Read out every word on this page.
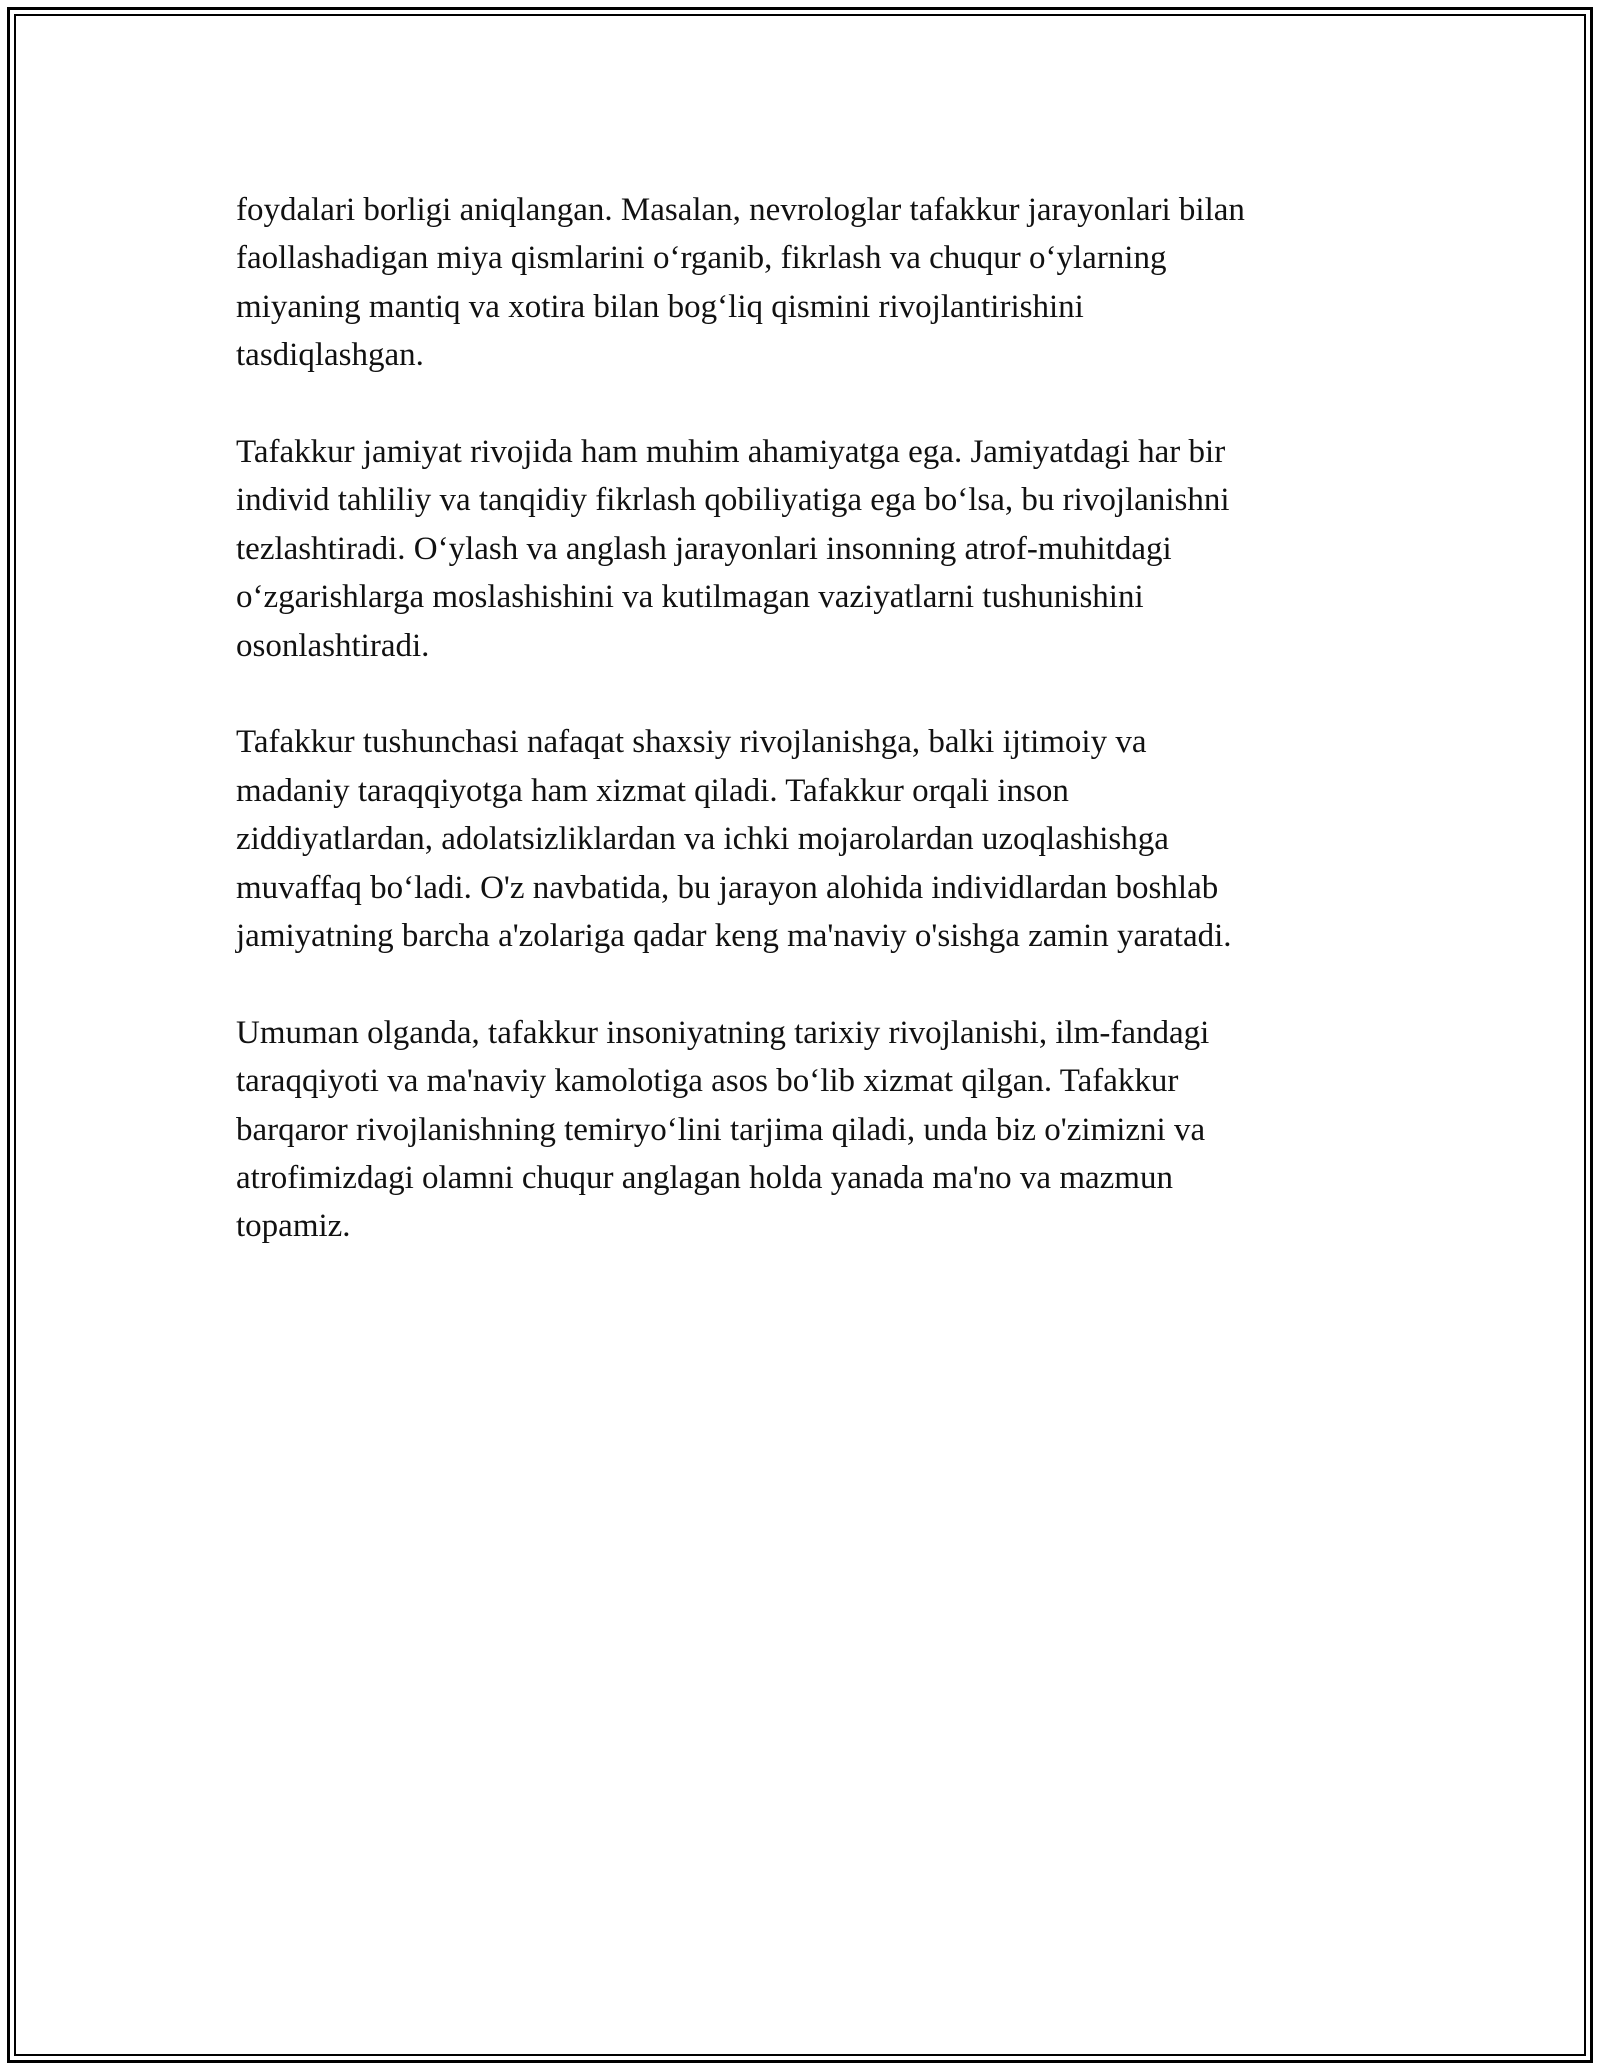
foydalari borligi aniqlangan. Masalan, nevrologlar tafakkur jarayonlari bilan
faollashadigan miya qismlarini o‘rganib, fikrlash va chuqur o‘ylarning
miyaning mantiq va xotira bilan bog‘liq qismini rivojlantirishini
tasdiqlashgan.

Tafakkur jamiyat rivojida ham muhim ahamiyatga ega. Jamiyatdagi har bir
individ tahliliy va tanqidiy fikrlash qobiliyatiga ega bo‘lsa, bu rivojlanishni
tezlashtiradi. O‘ylash va anglash jarayonlari insonning atrof-muhitdagi
o‘zgarishlarga moslashishini va kutilmagan vaziyatlarni tushunishini
osonlashtiradi.

Tafakkur tushunchasi nafaqat shaxsiy rivojlanishga, balki ijtimoiy va
madaniy taraqqiyotga ham xizmat qiladi. Tafakkur orqali inson
ziddiyatlardan, adolatsizliklardan va ichki mojarolardan uzoqlashishga
muvaffaq bo‘ladi. O'z navbatida, bu jarayon alohida individlardan boshlab
jamiyatning barcha a'zolariga qadar keng ma'naviy o'sishga zamin yaratadi.

Umuman olganda, tafakkur insoniyatning tarixiy rivojlanishi, ilm-fandagi
taraqqiyoti va ma'naviy kamolotiga asos bo‘lib xizmat qilgan. Tafakkur
barqaror rivojlanishning temiryo‘lini tarjima qiladi, unda biz o'zimizni va
atrofimizdagi olamni chuqur anglagan holda yanada ma'no va mazmun
topamiz.
